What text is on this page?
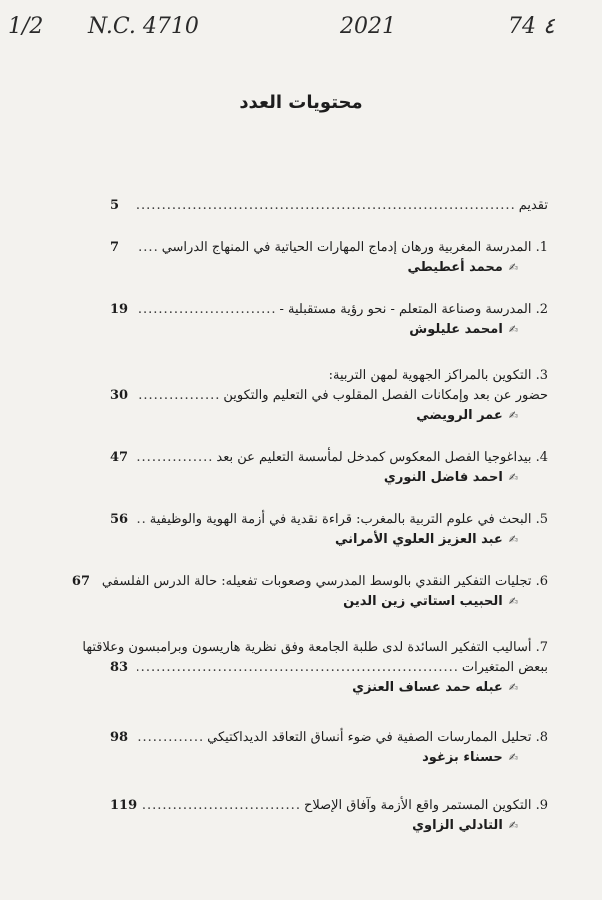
1/2 N.C. 4710	2021	74 ٤
محتويات العدد
تقديم
.....
5
1. المدرسة المغربية ورهان إدماج المهارات الحياتية في المنهاج الدراسي
.....
7
✍محمد أعطيطي
2. المدرسة وصناعة المتعلم - نحو رؤية مستقبلية -
.....
19
✍امحمد عليلوش
3. التكوين بالمراكز الجهوية لمهن التربية:
حضور عن بعد وإمكانات الفصل المقلوب في التعليم والتكوين
.....
30
✍عمر الرويضي
4. بيداغوجيا الفصل المعكوس كمدخل لمأسسة التعليم عن بعد
.....
47
✍احمد فاضل النوري
5. البحث في علوم التربية بالمغرب: قراءة نقدية في أزمة الهوية والوظيفية
.....
56
✍عبد العزيز العلوي الأمراني
6. تجليات التفكير النقدي بالوسط المدرسي وصعوبات تفعيله: حالة الدرس الفلسفي
67
✍الحبيب استاتي زين الدين
7. أساليب التفكير السائدة لدى طلبة الجامعة وفق نظرية هاريسون وبرامبسون وعلاقتها
ببعض المتغيرات
.....
83
✍عبله حمد عساف العنزي
8. تحليل الممارسات الصفية في ضوء أنساق التعاقد الديداكتيكي
.....
98
✍حسناء بزغود
9. التكوين المستمر واقع الأزمة وآفاق الإصلاح
.....
119
✍التادلي الزاوي
